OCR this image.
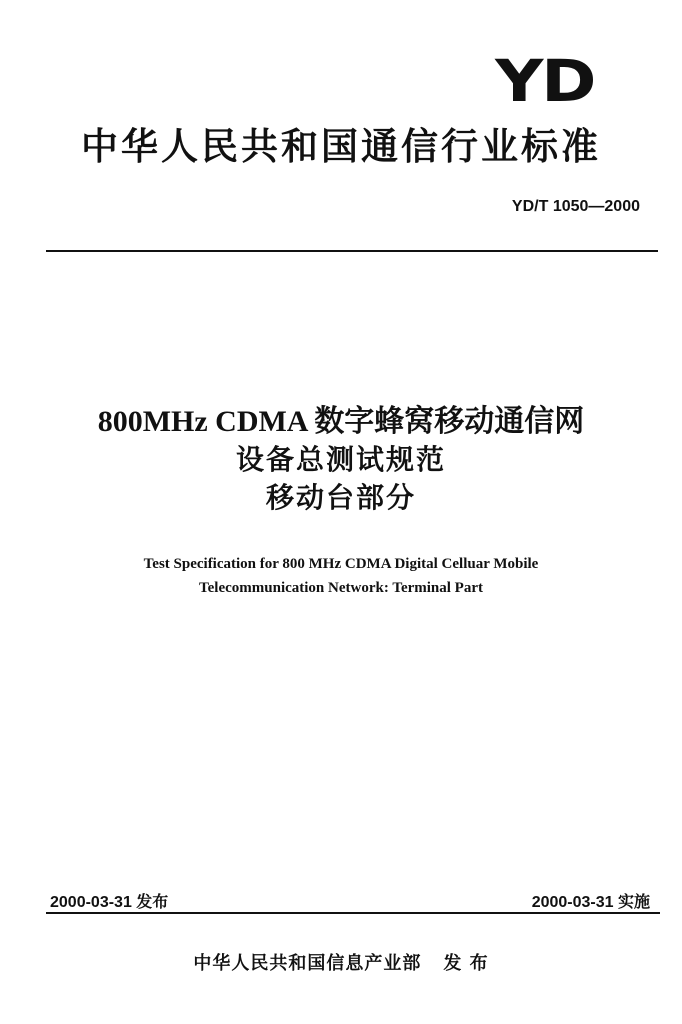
YD
中华人民共和国通信行业标准
YD/T 1050—2000
800MHz CDMA 数字蜂窝移动通信网
设备总测试规范
移动台部分
Test Specification for 800 MHz CDMA Digital Celluar Mobile
Telecommunication Network: Terminal Part
2000-03-31 发布	2000-03-31 实施
中华人民共和国信息产业部 发 布
